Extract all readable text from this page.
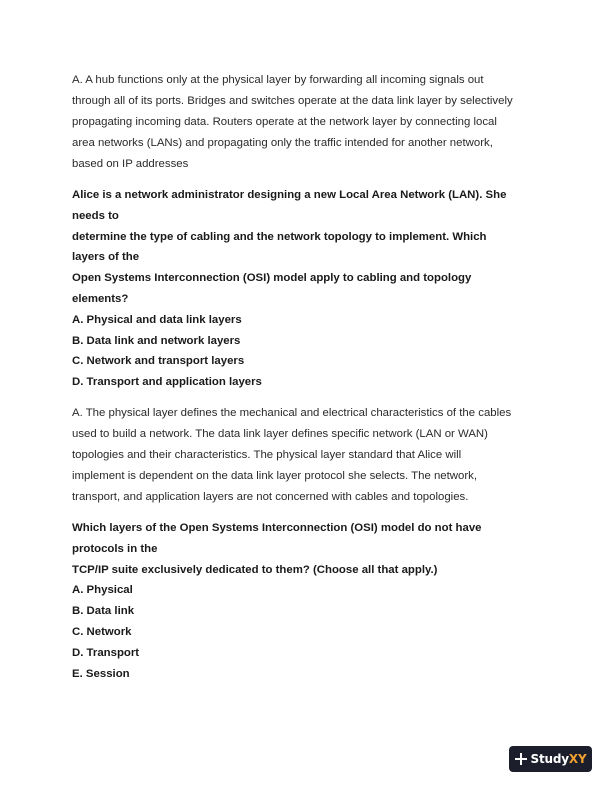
A. A hub functions only at the physical layer by forwarding all incoming signals out
through all of its ports. Bridges and switches operate at the data link layer by selectively
propagating incoming data. Routers operate at the network layer by connecting local
area networks (LANs) and propagating only the traffic intended for another network,
based on IP addresses

Alice is a network administrator designing a new Local Area Network (LAN). She
needs to
determine the type of cabling and the network topology to implement. Which
layers of the
Open Systems Interconnection (OSI) model apply to cabling and topology
elements?

A. Physical and data link layers
B. Data link and network layers
C. Network and transport layers
D. Transport and application layers

A. The physical layer defines the mechanical and electrical characteristics of the cables
used to build a network. The data link layer defines specific network (LAN or WAN)
topologies and their characteristics. The physical layer standard that Alice will
implement is dependent on the data link layer protocol she selects. The network,
transport, and application layers are not concerned with cables and topologies.

Which layers of the Open Systems Interconnection (OSI) model do not have
protocols in the
TCP/IP suite exclusively dedicated to them? (Choose all that apply.)

A. Physical
B. Data link
C. Network
D. Transport
E. Session
StudyXY
